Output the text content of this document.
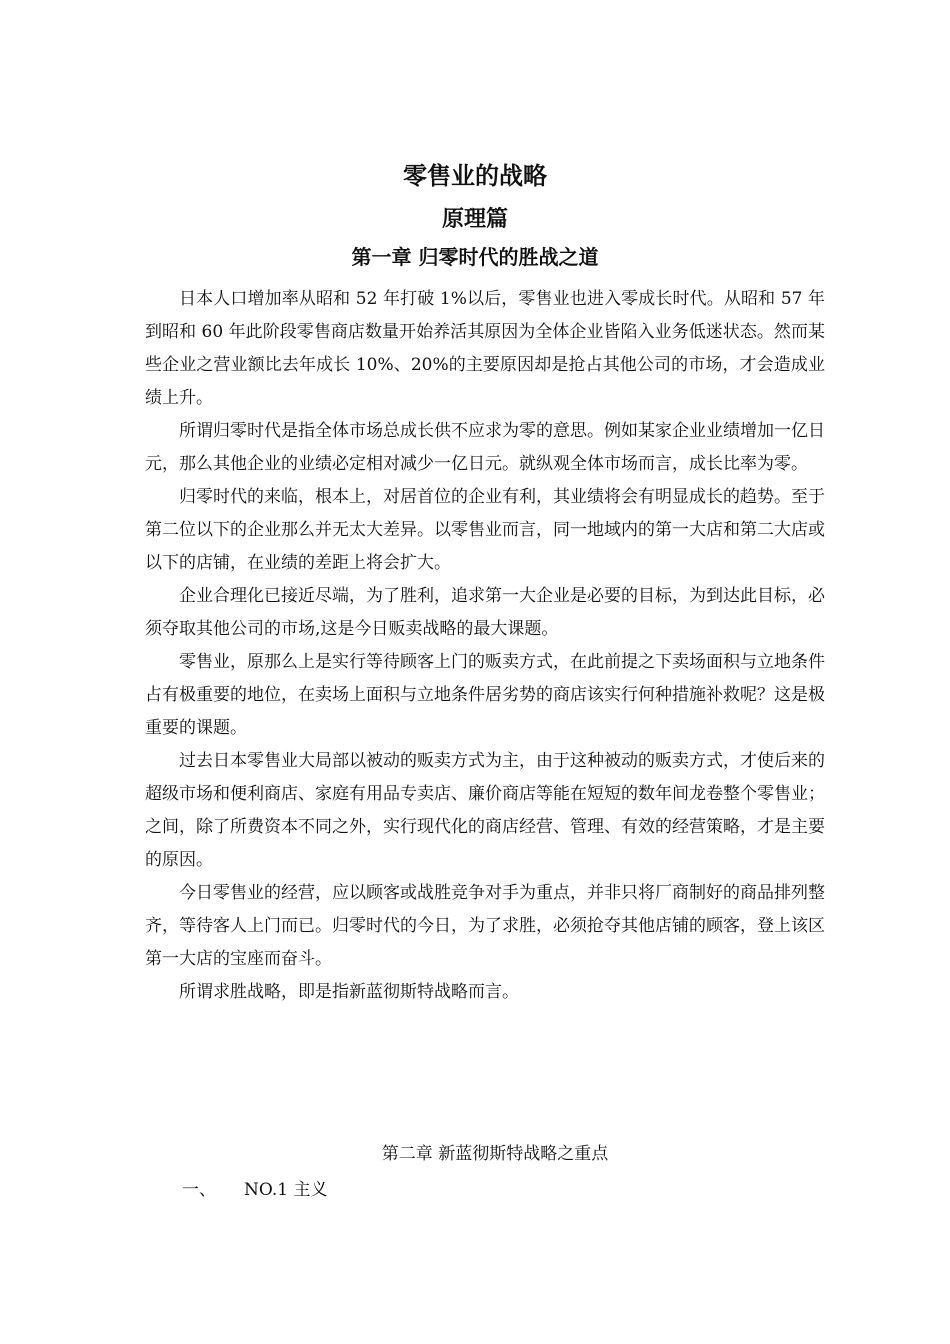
零售业的战略
原理篇
第一章 归零时代的胜战之道

日本人口增加率从昭和 52 年打破 1%以后，零售业也进入零成长时代。从昭和 57 年到昭和 60 年此阶段零售商店数量开始养活其原因为全体企业皆陷入业务低迷状态。然而某些企业之营业额比去年成长 10%、20%的主要原因却是抢占其他公司的市场，才会造成业绩上升。

所谓归零时代是指全体市场总成长供不应求为零的意思。例如某家企业业绩增加一亿日元，那么其他企业的业绩必定相对减少一亿日元。就纵观全体市场而言，成长比率为零。

归零时代的来临，根本上，对居首位的企业有利，其业绩将会有明显成长的趋势。至于第二位以下的企业那么并无太大差异。以零售业而言，同一地域内的第一大店和第二大店或以下的店铺，在业绩的差距上将会扩大。

企业合理化已接近尽端，为了胜利，追求第一大企业是必要的目标，为到达此目标，必须夺取其他公司的市场,这是今日贩卖战略的最大课题。

零售业，原那么上是实行等待顾客上门的贩卖方式，在此前提之下卖场面积与立地条件占有极重要的地位，在卖场上面积与立地条件居劣势的商店该实行何种措施补救呢？这是极重要的课题。

过去日本零售业大局部以被动的贩卖方式为主，由于这种被动的贩卖方式，才使后来的超级市场和便利商店、家庭有用品专卖店、廉价商店等能在短短的数年间龙卷整个零售业；之间，除了所费资本不同之外，实行现代化的商店经营、管理、有效的经营策略，才是主要的原因。

今日零售业的经营，应以顾客或战胜竞争对手为重点，并非只将厂商制好的商品排列整齐，等待客人上门而已。归零时代的今日，为了求胜，必须抢夺其他店铺的顾客，登上该区第一大店的宝座而奋斗。

所谓求胜战略，即是指新蓝彻斯特战略而言。

第二章 新蓝彻斯特战略之重点
一、 NO.1 主义
